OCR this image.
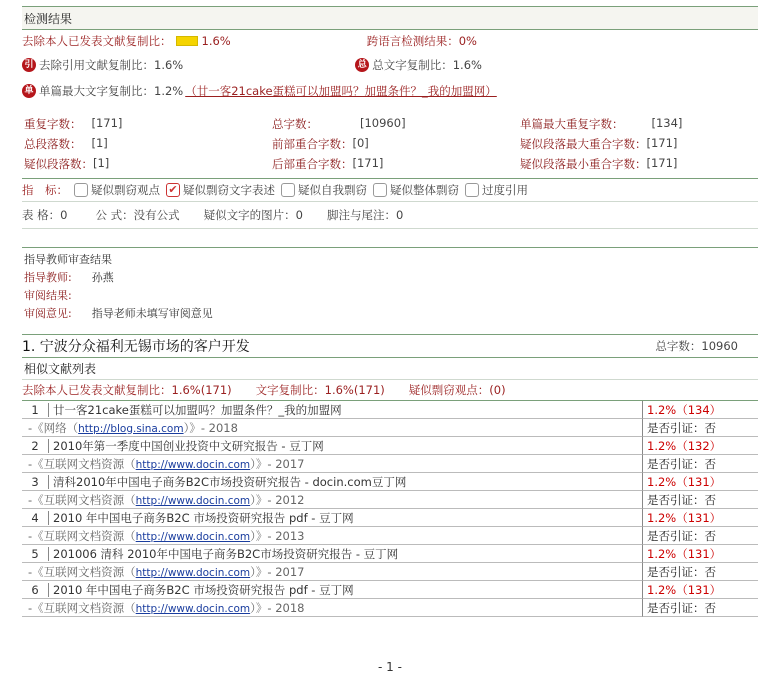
检测结果
去除本人已发表文献复制比：	1.6%	跨语言检测结果：0%
引 去除引用文献复制比： 1.6%	总 总文字复制比： 1.6%
单 单篇最大文字复制比： 1.2% （廿一客21cake蛋糕可以加盟吗？加盟条件？_我的加盟网）
重复字数： [171]	总字数：	[10960]	单篇最大重复字数： [134]
总段落数： [1]	前部重合字数： [0]	疑似段落最大重合字数： [171]
疑似段落数： [1]	后部重合字数： [171]	疑似段落最小重合字数： [171]
指　标： 疑似剽窃观点 ✔ 疑似剽窃文字表述 疑似自我剽窃 疑似整体剽窃 过度引用
表 格：0 公 式：没有公式 疑似文字的图片：0 脚注与尾注：0
指导教师审查结果
指导教师: 孙燕
审阅结果:
审阅意见: 指导老师未填写审阅意见
1. 宁波分众福利无锡市场的客户开发	总字数：10960
相似文献列表
去除本人已发表文献复制比：1.6%(171) 文字复制比：1.6%(171) 疑似剽窃观点：(0)
1	廿一客21cake蛋糕可以加盟吗？加盟条件？_我的加盟网	1.2%（134）
-《网络（http://blog.sina.com）》- 2018	是否引证：否
2	2010年第一季度中国创业投资中文研究报告 - 豆丁网	1.2%（132）
-《互联网文档资源（http://www.docin.com）》- 2017	是否引证：否
3	清科2010年中国电子商务B2C市场投资研究报告 - docin.com豆丁网	1.2%（131）
-《互联网文档资源（http://www.docin.com）》- 2012	是否引证：否
4	2010 年中国电子商务B2C 市场投资研究报告 pdf - 豆丁网	1.2%（131）
-《互联网文档资源（http://www.docin.com）》- 2013	是否引证：否
5	201006 清科 2010年中国电子商务B2C市场投资研究报告 - 豆丁网	1.2%（131）
-《互联网文档资源（http://www.docin.com）》- 2017	是否引证：否
6	2010 年中国电子商务B2C 市场投资研究报告 pdf - 豆丁网	1.2%（131）
-《互联网文档资源（http://www.docin.com）》- 2018	是否引证：否
- 1 -
